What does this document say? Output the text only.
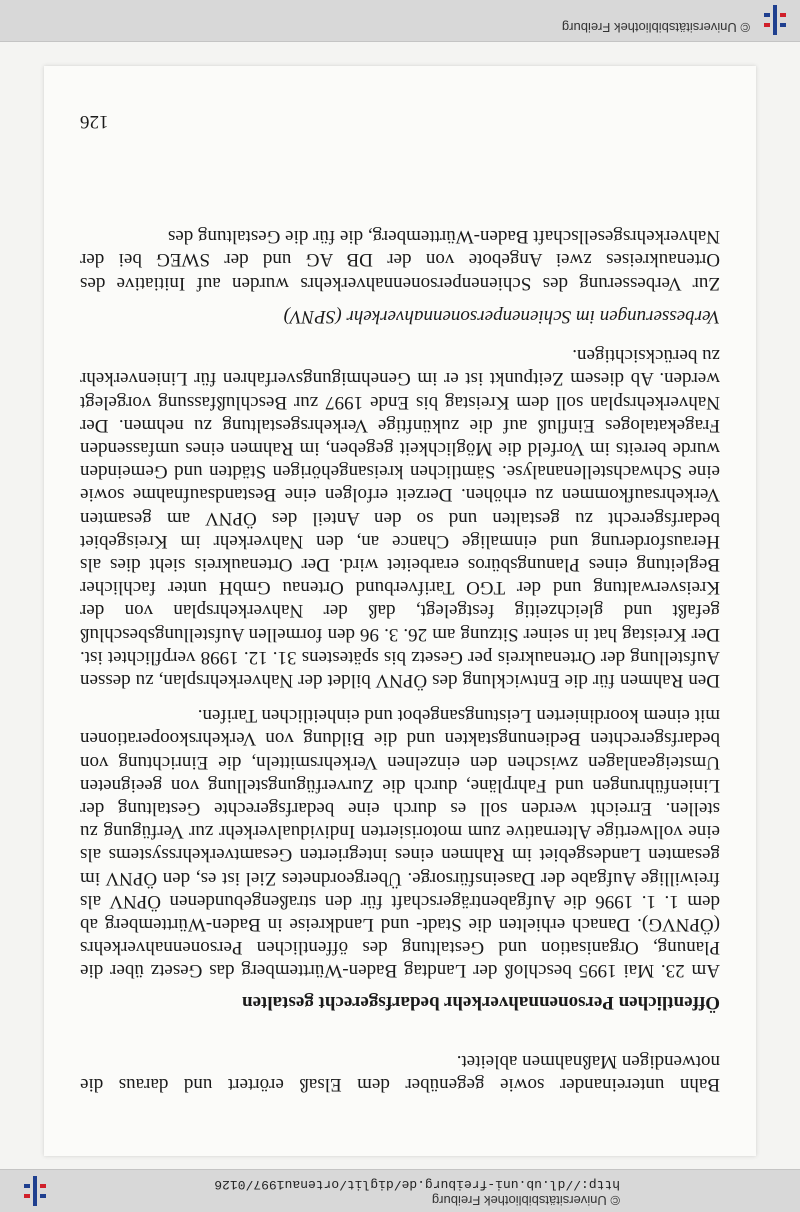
© Universitätsbibliothek Freiburg
© Universitätsbibliothek Freiburg
http://dl.ub.uni-freiburg.de/diglit/ortenau1997/0126

Bahn untereinander sowie gegenüber dem Elsaß erörtert und daraus die notwendigen Maßnahmen ableitet.

Öffentlichen Personennahverkehr bedarfsgerecht gestalten

Am 23. Mai 1995 beschloß der Landtag Baden-Württemberg das Gesetz über die Planung, Organisation und Gestaltung des öffentlichen Personennahverkehrs (ÖPNVG). Danach erhielten die Stadt- und Landkreise in Baden-Württemberg ab dem 1. 1. 1996 die Aufgabenträgerschaft für den straßengebundenen ÖPNV als freiwillige Aufgabe der Daseinsfürsorge. Übergeordnetes Ziel ist es, den ÖPNV im gesamten Landesgebiet im Rahmen eines integrierten Gesamtverkehrssystems als eine vollwertige Alternative zum motorisierten Individualverkehr zur Verfügung zu stellen. Erreicht werden soll es durch eine bedarfsgerechte Gestaltung der Linienführungen und Fahrpläne, durch die Zurverfügungstellung von geeigneten Umsteigeanlagen zwischen den einzelnen Verkehrsmitteln, die Einrichtung von bedarfsgerechten Bedienungstakten und die Bildung von Verkehrskooperationen mit einem koordinierten Leistungsangebot und einheitlichen Tarifen.

Den Rahmen für die Entwicklung des ÖPNV bildet der Nahverkehrsplan, zu dessen Aufstellung der Ortenaukreis per Gesetz bis spätestens 31. 12. 1998 verpflichtet ist. Der Kreistag hat in seiner Sitzung am 26. 3. 96 den formellen Aufstellungsbeschluß gefaßt und gleichzeitig festgelegt, daß der Nahverkehrsplan von der Kreisverwaltung und der TGO Tarifverbund Ortenau GmbH unter fachlicher Begleitung eines Planungsbüros erarbeitet wird. Der Ortenaukreis sieht dies als Herausforderung und einmalige Chance an, den Nahverkehr im Kreisgebiet bedarfsgerecht zu gestalten und so den Anteil des ÖPNV am gesamten Verkehrsaufkommen zu erhöhen. Derzeit erfolgen eine Bestandsaufnahme sowie eine Schwachstellenanalyse. Sämtlichen kreisangehörigen Städten und Gemeinden wurde bereits im Vorfeld die Möglichkeit gegeben, im Rahmen eines umfassenden Fragekataloges Einfluß auf die zukünftige Verkehrsgestaltung zu nehmen. Der Nahverkehrsplan soll dem Kreistag bis Ende 1997 zur Beschlußfassung vorgelegt werden. Ab diesem Zeitpunkt ist er im Genehmigungsverfahren für Linienverkehr zu berücksichtigen.

Verbesserungen im Schienenpersonennahverkehr (SPNV)

Zur Verbesserung des Schienenpersonennahverkehrs wurden auf Initiative des Ortenaukreises zwei Angebote von der DB AG und der SWEG bei der Nahverkehrsgesellschaft Baden-Württemberg, die für die Gestaltung des

126
